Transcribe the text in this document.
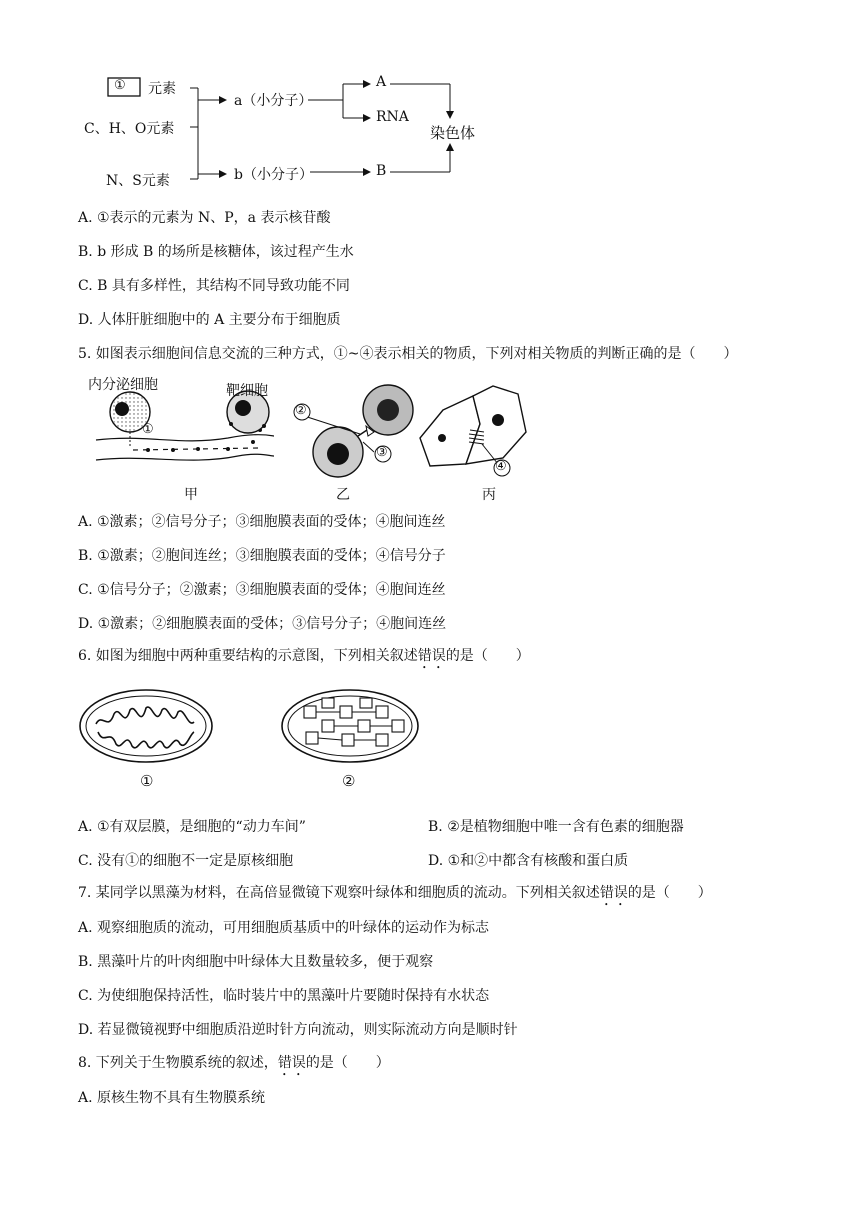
① 元素
C、H、O元素
N、S元素
a（小分子）
b（小分子）
A
RNA
B
染色体
A. ①表示的元素为 N、P，a 表示核苷酸
B. b 形成 B 的场所是核糖体，该过程产生水
C. B 具有多样性，其结构不同导致功能不同
D. 人体肝脏细胞中的 A 主要分布于细胞质
5. 如图表示细胞间信息交流的三种方式，①~④表示相关的物质，下列对相关物质的判断正确的是（　　）
内分泌细胞	靶细胞
①
②
③
④
甲	乙	丙
A. ①激素；②信号分子；③细胞膜表面的受体；④胞间连丝
B. ①激素；②胞间连丝；③细胞膜表面的受体；④信号分子
C. ①信号分子；②激素；③细胞膜表面的受体；④胞间连丝
D. ①激素；②细胞膜表面的受体；③信号分子；④胞间连丝
6. 如图为细胞中两种重要结构的示意图，下列相关叙述错误的是（　　）
①	②
A. ①有双层膜，是细胞的“动力车间”	B. ②是植物细胞中唯一含有色素的细胞器
C. 没有①的细胞不一定是原核细胞	D. ①和②中都含有核酸和蛋白质
7. 某同学以黑藻为材料，在高倍显微镜下观察叶绿体和细胞质的流动。下列相关叙述错误的是（　　）
A. 观察细胞质的流动，可用细胞质基质中的叶绿体的运动作为标志
B. 黑藻叶片的叶肉细胞中叶绿体大且数量较多，便于观察
C. 为使细胞保持活性，临时装片中的黑藻叶片要随时保持有水状态
D. 若显微镜视野中细胞质沿逆时针方向流动，则实际流动方向是顺时针
8. 下列关于生物膜系统的叙述，错误的是（　　）
A. 原核生物不具有生物膜系统
